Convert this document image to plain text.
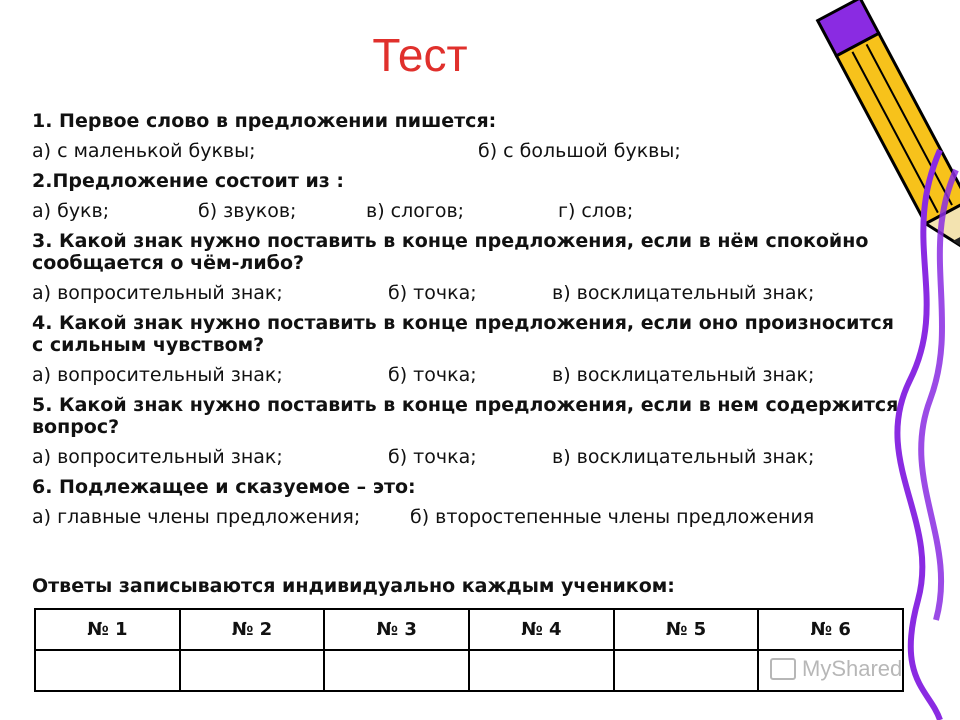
Тест

1. Первое слово в предложении пишется:

а) с маленькой буквы;	б) с большой буквы;

2.Предложение состоит из :

а) букв;	б) звуков;	в) слогов;	г) слов;

3. Какой знак нужно поставить в конце предложения, если в нём спокойно

сообщается о чём-либо?

а) вопросительный знак;	б) точка;	в) восклицательный знак;

4. Какой знак нужно поставить в конце предложения, если оно произносится

с сильным чувством?

а) вопросительный знак;	б) точка;	в) восклицательный знак;

5. Какой знак нужно поставить в конце предложения, если в нем содержится

вопрос?

а) вопросительный знак;	б) точка;	в) восклицательный знак;

6. Подлежащее и сказуемое – это:

а) главные члены предложения;	б) второстепенные члены предложения

Ответы записываются индивидуально каждым учеником:

№ 1	№ 2	№ 3	№ 4	№ 5	№ 6

MyShared
